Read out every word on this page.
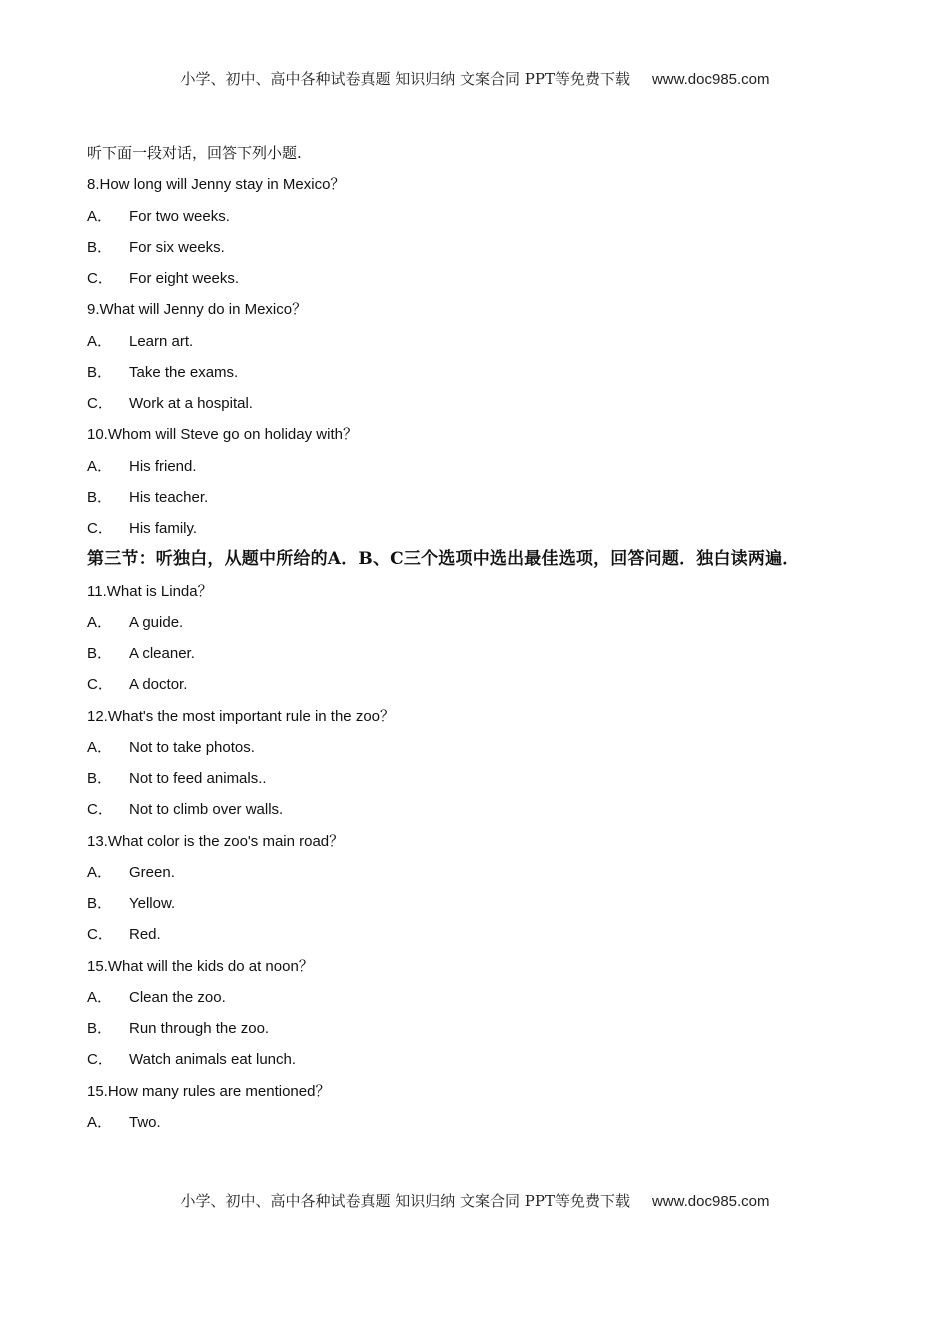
小学、初中、高中各种试卷真题 知识归纳 文案合同 PPT等免费下载 www.doc985.com
听下面一段对话，回答下列小题.
8.How long will Jenny stay in Mexico？
A． For two weeks.
B． For six weeks.
C． For eight weeks.
9.What will Jenny do in Mexico？
A． Learn art.
B． Take the exams.
C． Work at a hospital.
10.Whom will Steve go on holiday with？
A． His friend.
B． His teacher.
C． His family.
第三节：听独白，从题中所给的A．B、C三个选项中选出最佳选项，回答问题．独白读两遍．
11.What is Linda？
A． A guide.
B． A cleaner.
C． A doctor.
12.What's the most important rule in the zoo？
A． Not to take photos.
B． Not to feed animals..
C． Not to climb over walls.
13.What color is the zoo's main road？
A． Green.
B． Yellow.
C． Red.
15.What will the kids do at noon？
A． Clean the zoo.
B． Run through the zoo.
C． Watch animals eat lunch.
15.How many rules are mentioned？
A． Two.
小学、初中、高中各种试卷真题 知识归纳 文案合同 PPT等免费下载 www.doc985.com
